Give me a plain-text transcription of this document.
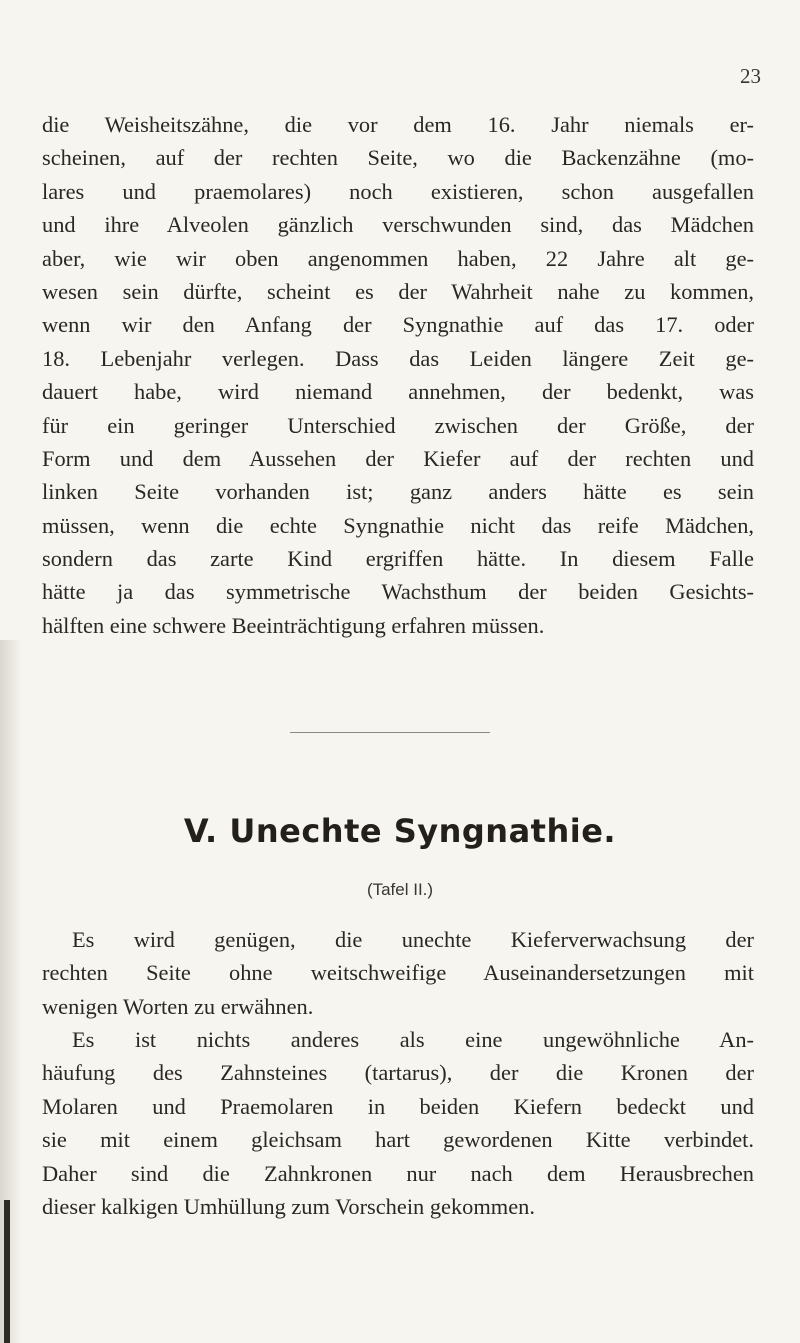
23
die Weisheitszähne, die vor dem 16. Jahr niemals er-
scheinen, auf der rechten Seite, wo die Backenzähne (mo-
lares und praemolares) noch existieren, schon ausgefallen
und ihre Alveolen gänzlich verschwunden sind, das Mädchen
aber, wie wir oben angenommen haben, 22 Jahre alt ge-
wesen sein dürfte, scheint es der Wahrheit nahe zu kommen,
wenn wir den Anfang der Syngnathie auf das 17. oder
18. Lebenjahr verlegen. Dass das Leiden längere Zeit ge-
dauert habe, wird niemand annehmen, der bedenkt, was
für ein geringer Unterschied zwischen der Größe, der
Form und dem Aussehen der Kiefer auf der rechten und
linken Seite vorhanden ist; ganz anders hätte es sein
müssen, wenn die echte Syngnathie nicht das reife Mädchen,
sondern das zarte Kind ergriffen hätte. In diesem Falle
hätte ja das symmetrische Wachsthum der beiden Gesichts-
hälften eine schwere Beeinträchtigung erfahren müssen.
V. Unechte Syngnathie.
(Tafel II.)
Es wird genügen, die unechte Kieferverwachsung der
rechten Seite ohne weitschweifige Auseinandersetzungen mit
wenigen Worten zu erwähnen.
Es ist nichts anderes als eine ungewöhnliche An-
häufung des Zahnsteines (tartarus), der die Kronen der
Molaren und Praemolaren in beiden Kiefern bedeckt und
sie mit einem gleichsam hart gewordenen Kitte verbindet.
Daher sind die Zahnkronen nur nach dem Herausbrechen
dieser kalkigen Umhüllung zum Vorschein gekommen.
